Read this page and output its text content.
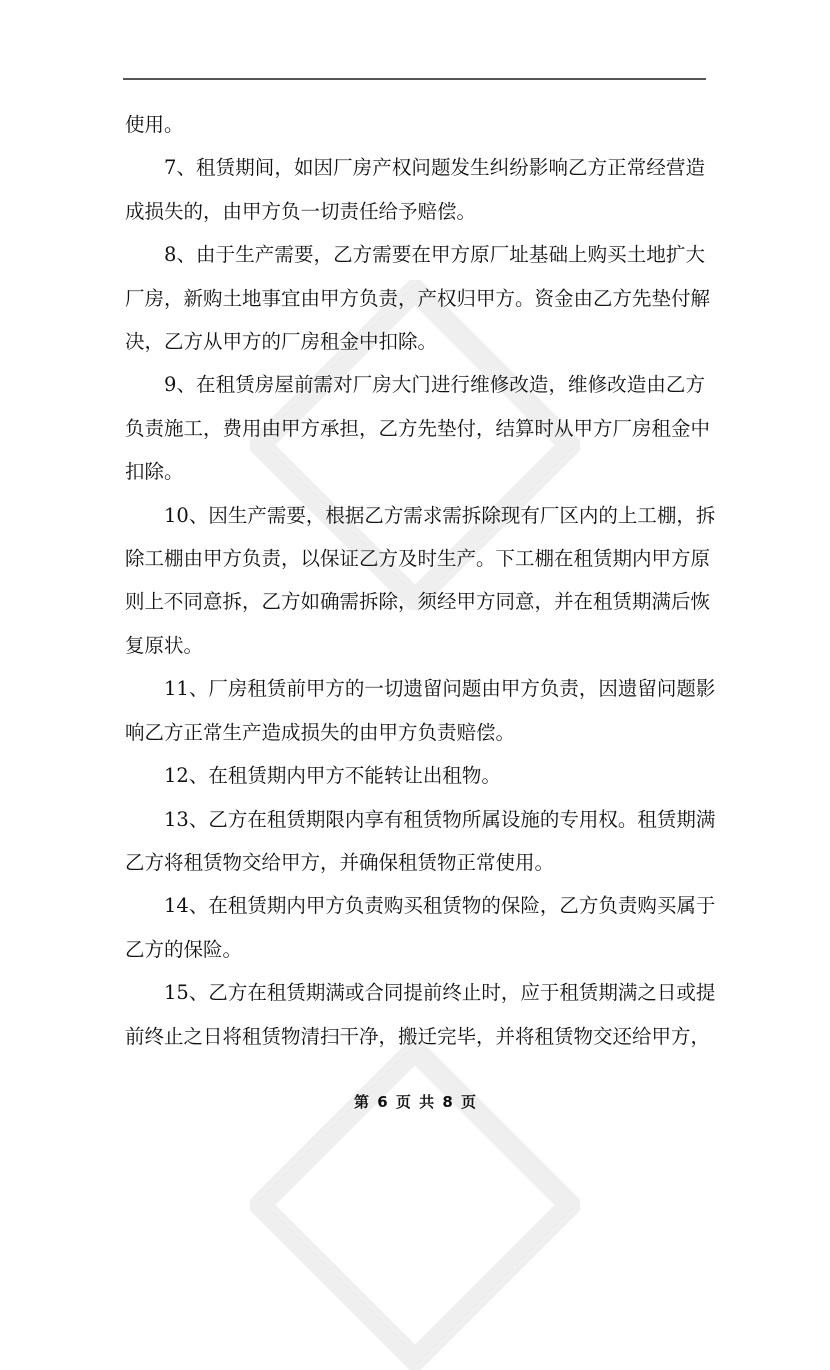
使用。
7、租赁期间，如因厂房产权问题发生纠纷影响乙方正常经营造
成损失的，由甲方负一切责任给予赔偿。
8、由于生产需要，乙方需要在甲方原厂址基础上购买土地扩大
厂房，新购土地事宜由甲方负责，产权归甲方。资金由乙方先垫付解
决，乙方从甲方的厂房租金中扣除。
9、在租赁房屋前需对厂房大门进行维修改造，维修改造由乙方
负责施工，费用由甲方承担，乙方先垫付，结算时从甲方厂房租金中
扣除。
10、因生产需要，根据乙方需求需拆除现有厂区内的上工棚，拆
除工棚由甲方负责，以保证乙方及时生产。下工棚在租赁期内甲方原
则上不同意拆，乙方如确需拆除，须经甲方同意，并在租赁期满后恢
复原状。
11、厂房租赁前甲方的一切遗留问题由甲方负责，因遗留问题影
响乙方正常生产造成损失的由甲方负责赔偿。
12、在租赁期内甲方不能转让出租物。
13、乙方在租赁期限内享有租赁物所属设施的专用权。租赁期满
乙方将租赁物交给甲方，并确保租赁物正常使用。
14、在租赁期内甲方负责购买租赁物的保险，乙方负责购买属于
乙方的保险。
15、乙方在租赁期满或合同提前终止时，应于租赁期满之日或提
前终止之日将租赁物清扫干净，搬迁完毕，并将租赁物交还给甲方，
第 6 页 共 8 页
